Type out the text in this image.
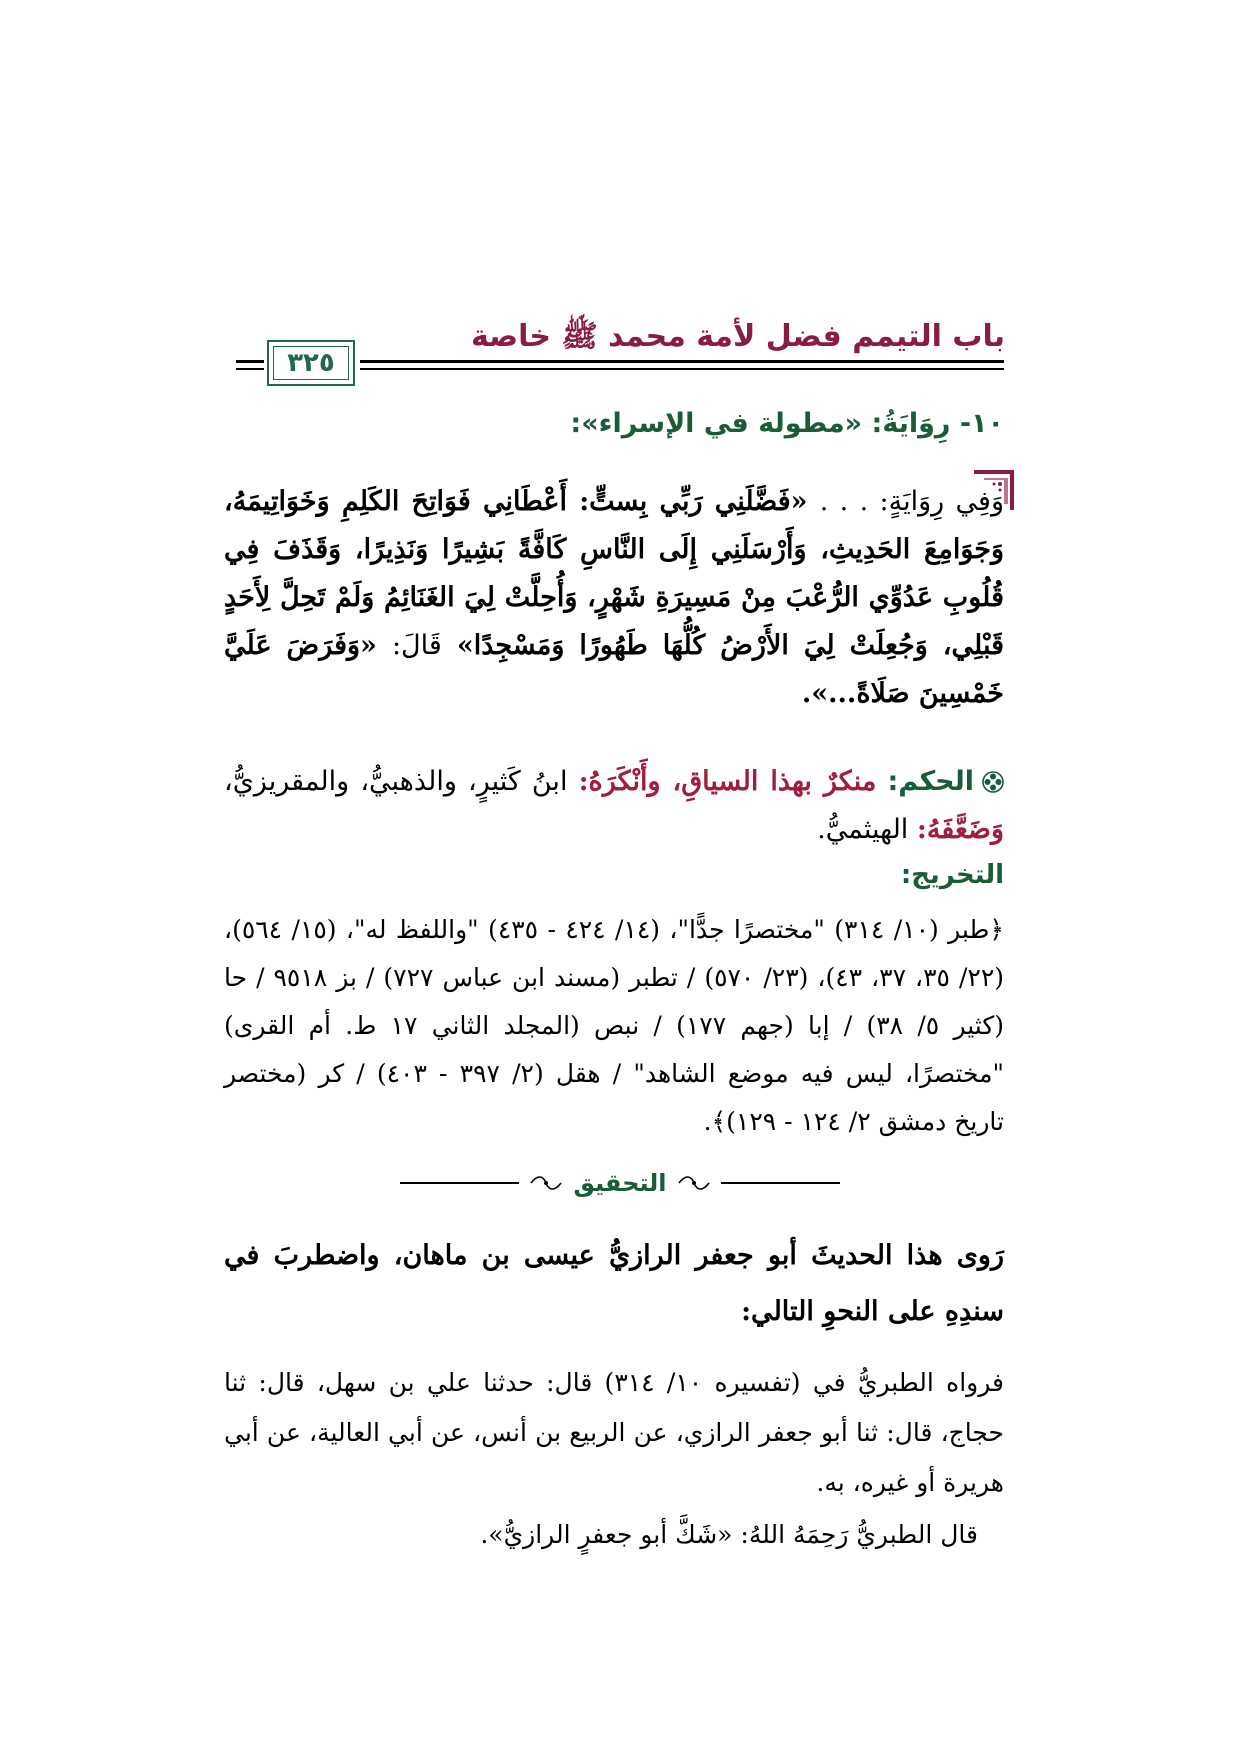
باب التيمم فضل لأمة محمد ﷺ خاصة
٣٢٥
١٠- رِوَايَةُ: «مطولة في الإسراء»:
وَفِي رِوَايَةٍ: . . . «فَضَّلَنِي رَبِّي بِستٍّ: أَعْطَانِي فَوَاتِحَ الكَلِمِ وَخَوَاتِيمَهُ، وَجَوَامِعَ الحَدِيثِ، وَأَرْسَلَنِي إِلَى النَّاسِ كَافَّةً بَشِيرًا وَنَذِيرًا، وَقَذَفَ فِي قُلُوبِ عَدُوِّي الرُّعْبَ مِنْ مَسِيرَةِ شَهْرٍ، وَأُحِلَّتْ لِيَ الغَنَائِمُ وَلَمْ تَحِلَّ لِأَحَدٍ قَبْلِي، وَجُعِلَتْ لِيَ الأَرْضُ كُلُّهَا طَهُورًا وَمَسْجِدًا» قَالَ: «وَفَرَضَ عَلَيَّ خَمْسِينَ صَلَاةً...».
الحكم: منكرٌ بهذا السياقِ، وأَنْكَرَهُ: ابنُ كَثيرٍ، والذهبيُّ، والمقريزيُّ، وَضَعَّفَهُ: الهيثميُّ.
التخريج:
﴿طبر (١٠/ ٣١٤) "مختصرًا جدًّا"، (١٤/ ٤٢٤ - ٤٣٥) "واللفظ له"، (١٥/ ٥٦٤)، (٢٢/ ٣٥، ٣٧، ٤٣)، (٢٣/ ٥٧٠) / تطبر (مسند ابن عباس ٧٢٧) / بز ٩٥١٨ / حا (كثير ٥/ ٣٨) / إبا (جهم ١٧٧) / نبص (المجلد الثاني ١٧ ط. أم القرى) "مختصرًا، ليس فيه موضع الشاهد" / هقل (٢/ ٣٩٧ - ٤٠٣) / كر (مختصر تاريخ دمشق ٢/ ١٢٤ - ١٢٩)﴾.
التحقيق
رَوى هذا الحديثَ أبو جعفر الرازيُّ عيسى بن ماهان، واضطربَ في سندِهِ على النحوِ التالي:
فرواه الطبريُّ في (تفسيره ١٠/ ٣١٤) قال: حدثنا علي بن سهل، قال: ثنا حجاج، قال: ثنا أبو جعفر الرازي، عن الربيع بن أنس، عن أبي العالية، عن أبي هريرة أو غيره، به.
قال الطبريُّ رَحِمَهُ اللهُ: «شَكَّ أبو جعفرٍ الرازيُّ».
